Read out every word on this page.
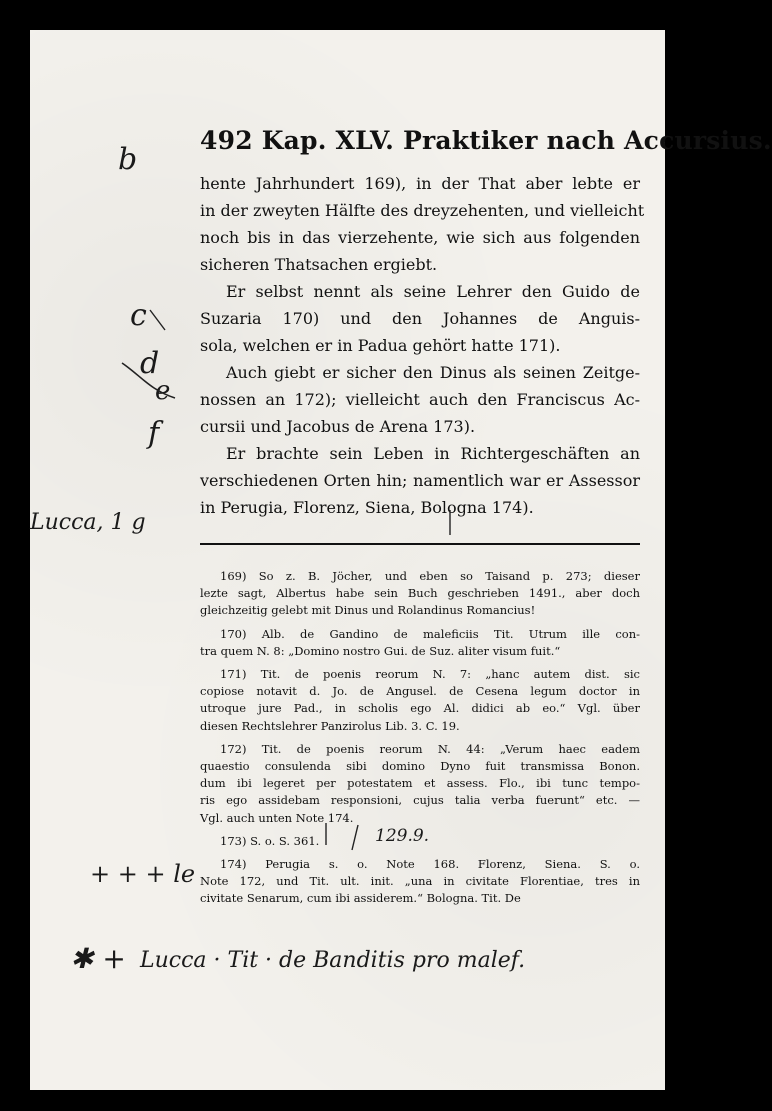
492 Kap. XLV. Praktiker nach Accursius.
hente Jahrhundert 169), in der That aber lebte er
in der zweyten Hälfte des dreyzehenten, und vielleicht
noch bis in das vierzehente, wie sich aus folgenden
sicheren Thatsachen ergiebt.
Er selbst nennt als seine Lehrer den Guido de
Suzaria 170) und den Johannes de Anguis-
sola, welchen er in Padua gehört hatte 171).
Auch giebt er sicher den Dinus als seinen Zeitge-
nossen an 172); vielleicht auch den Franciscus Ac-
cursii und Jacobus de Arena 173).
Er brachte sein Leben in Richtergeschäften an
verschiedenen Orten hin; namentlich war er Assessor
in Perugia, Florenz, Siena, Bologna 174).
169) So z. B. Jöcher, und eben so Taisand p. 273; dieser
lezte sagt, Albertus habe sein Buch geschrieben 1491., aber doch
gleichzeitig gelebt mit Dinus und Rolandinus Romancius!
170) Alb. de Gandino de maleficiis Tit. Utrum ille con-
tra quem N. 8: „Domino nostro Gui. de Suz. aliter visum fuit.“
171) Tit. de poenis reorum N. 7: „hanc autem dist. sic
copiose notavit d. Jo. de Angusel. de Cesena legum doctor in
utroque jure Pad., in scholis ego Al. didici ab eo.“ Vgl. über
diesen Rechtslehrer Panzirolus Lib. 3. C. 19.
172) Tit. de poenis reorum N. 44: „Verum haec eadem
quaestio consulenda sibi domino Dyno fuit transmissa Bonon.
dum ibi legeret per potestatem et assess. Flo., ibi tunc tempo-
ris ego assidebam responsioni, cujus talia verba fuerunt“ etc. —
Vgl. auch unten Note 174.
173) S. o. S. 361.
174) Perugia s. o. Note 168. Florenz, Siena. S. o.
Note 172, und Tit. ult. init. „una in civitate Florentiae, tres in
civitate Senarum, cum ibi assiderem.“ Bologna. Tit. De
b
c
d
e
f
Lucca, 1 g
129.9.
+ + + le
✱ + Lucca · Tit · de Banditis pro malef.
